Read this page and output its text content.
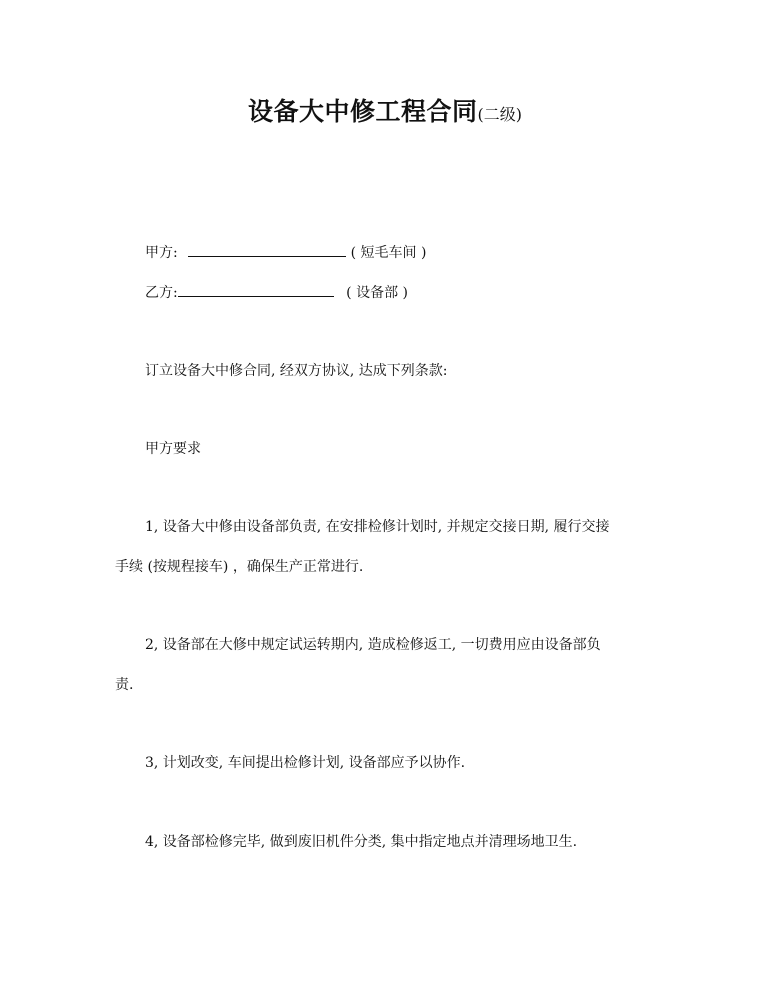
设备大中修工程合同(二级)
甲方:	( 短毛车间 )
乙方:	( 设备部 )
订立设备大中修合同, 经双方协议, 达成下列条款:
甲方要求
1, 设备大中修由设备部负责, 在安排检修计划时, 并规定交接日期, 履行交接
手续 (按规程接车) ，确保生产正常进行.
2, 设备部在大修中规定试运转期内, 造成检修返工, 一切费用应由设备部负
责.
3, 计划改变, 车间提出检修计划, 设备部应予以协作.
4, 设备部检修完毕, 做到废旧机件分类, 集中指定地点并清理场地卫生.
